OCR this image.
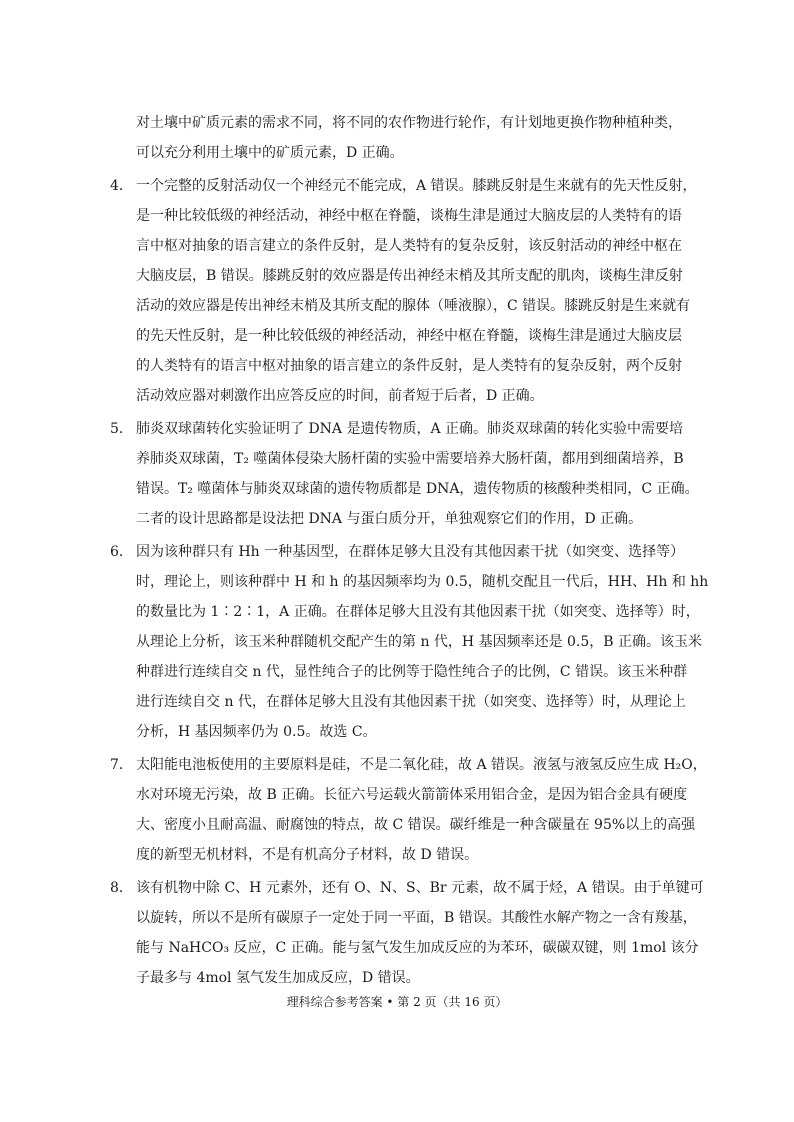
对土壤中矿质元素的需求不同，将不同的农作物进行轮作，有计划地更换作物种植种类，
可以充分利用土壤中的矿质元素，D 正确。
4． 一个完整的反射活动仅一个神经元不能完成，A 错误。膝跳反射是生来就有的先天性反射，
是一种比较低级的神经活动，神经中枢在脊髓，谈梅生津是通过大脑皮层的人类特有的语
言中枢对抽象的语言建立的条件反射，是人类特有的复杂反射，该反射活动的神经中枢在
大脑皮层，B 错误。膝跳反射的效应器是传出神经末梢及其所支配的肌肉，谈梅生津反射
活动的效应器是传出神经末梢及其所支配的腺体（唾液腺），C 错误。膝跳反射是生来就有
的先天性反射，是一种比较低级的神经活动，神经中枢在脊髓，谈梅生津是通过大脑皮层
的人类特有的语言中枢对抽象的语言建立的条件反射，是人类特有的复杂反射，两个反射
活动效应器对刺激作出应答反应的时间，前者短于后者，D 正确。
5． 肺炎双球菌转化实验证明了 DNA 是遗传物质，A 正确。肺炎双球菌的转化实验中需要培
养肺炎双球菌，T₂ 噬菌体侵染大肠杆菌的实验中需要培养大肠杆菌，都用到细菌培养，B
错误。T₂ 噬菌体与肺炎双球菌的遗传物质都是 DNA，遗传物质的核酸种类相同，C 正确。
二者的设计思路都是设法把 DNA 与蛋白质分开，单独观察它们的作用，D 正确。
6． 因为该种群只有 Hh 一种基因型，在群体足够大且没有其他因素干扰（如突变、选择等）
时，理论上，则该种群中 H 和 h 的基因频率均为 0.5，随机交配且一代后，HH、Hh 和 hh
的数量比为 1∶2∶1，A 正确。在群体足够大且没有其他因素干扰（如突变、选择等）时，
从理论上分析，该玉米种群随机交配产生的第 n 代，H 基因频率还是 0.5，B 正确。该玉米
种群进行连续自交 n 代，显性纯合子的比例等于隐性纯合子的比例，C 错误。该玉米种群
进行连续自交 n 代，在群体足够大且没有其他因素干扰（如突变、选择等）时，从理论上
分析，H 基因频率仍为 0.5。故选 C。
7． 太阳能电池板使用的主要原料是硅，不是二氧化硅，故 A 错误。液氢与液氢反应生成 H₂O，
水对环境无污染，故 B 正确。长征六号运载火箭箭体采用铝合金，是因为铝合金具有硬度
大、密度小且耐高温、耐腐蚀的特点，故 C 错误。碳纤维是一种含碳量在 95%以上的高强
度的新型无机材料，不是有机高分子材料，故 D 错误。
8． 该有机物中除 C、H 元素外，还有 O、N、S、Br 元素，故不属于烃，A 错误。由于单键可
以旋转，所以不是所有碳原子一定处于同一平面，B 错误。其酸性水解产物之一含有羧基，
能与 NaHCO₃ 反应，C 正确。能与氢气发生加成反应的为苯环，碳碳双键，则 1mol 该分
子最多与 4mol 氢气发生加成反应，D 错误。
理科综合参考答案 • 第 2 页（共 16 页）
